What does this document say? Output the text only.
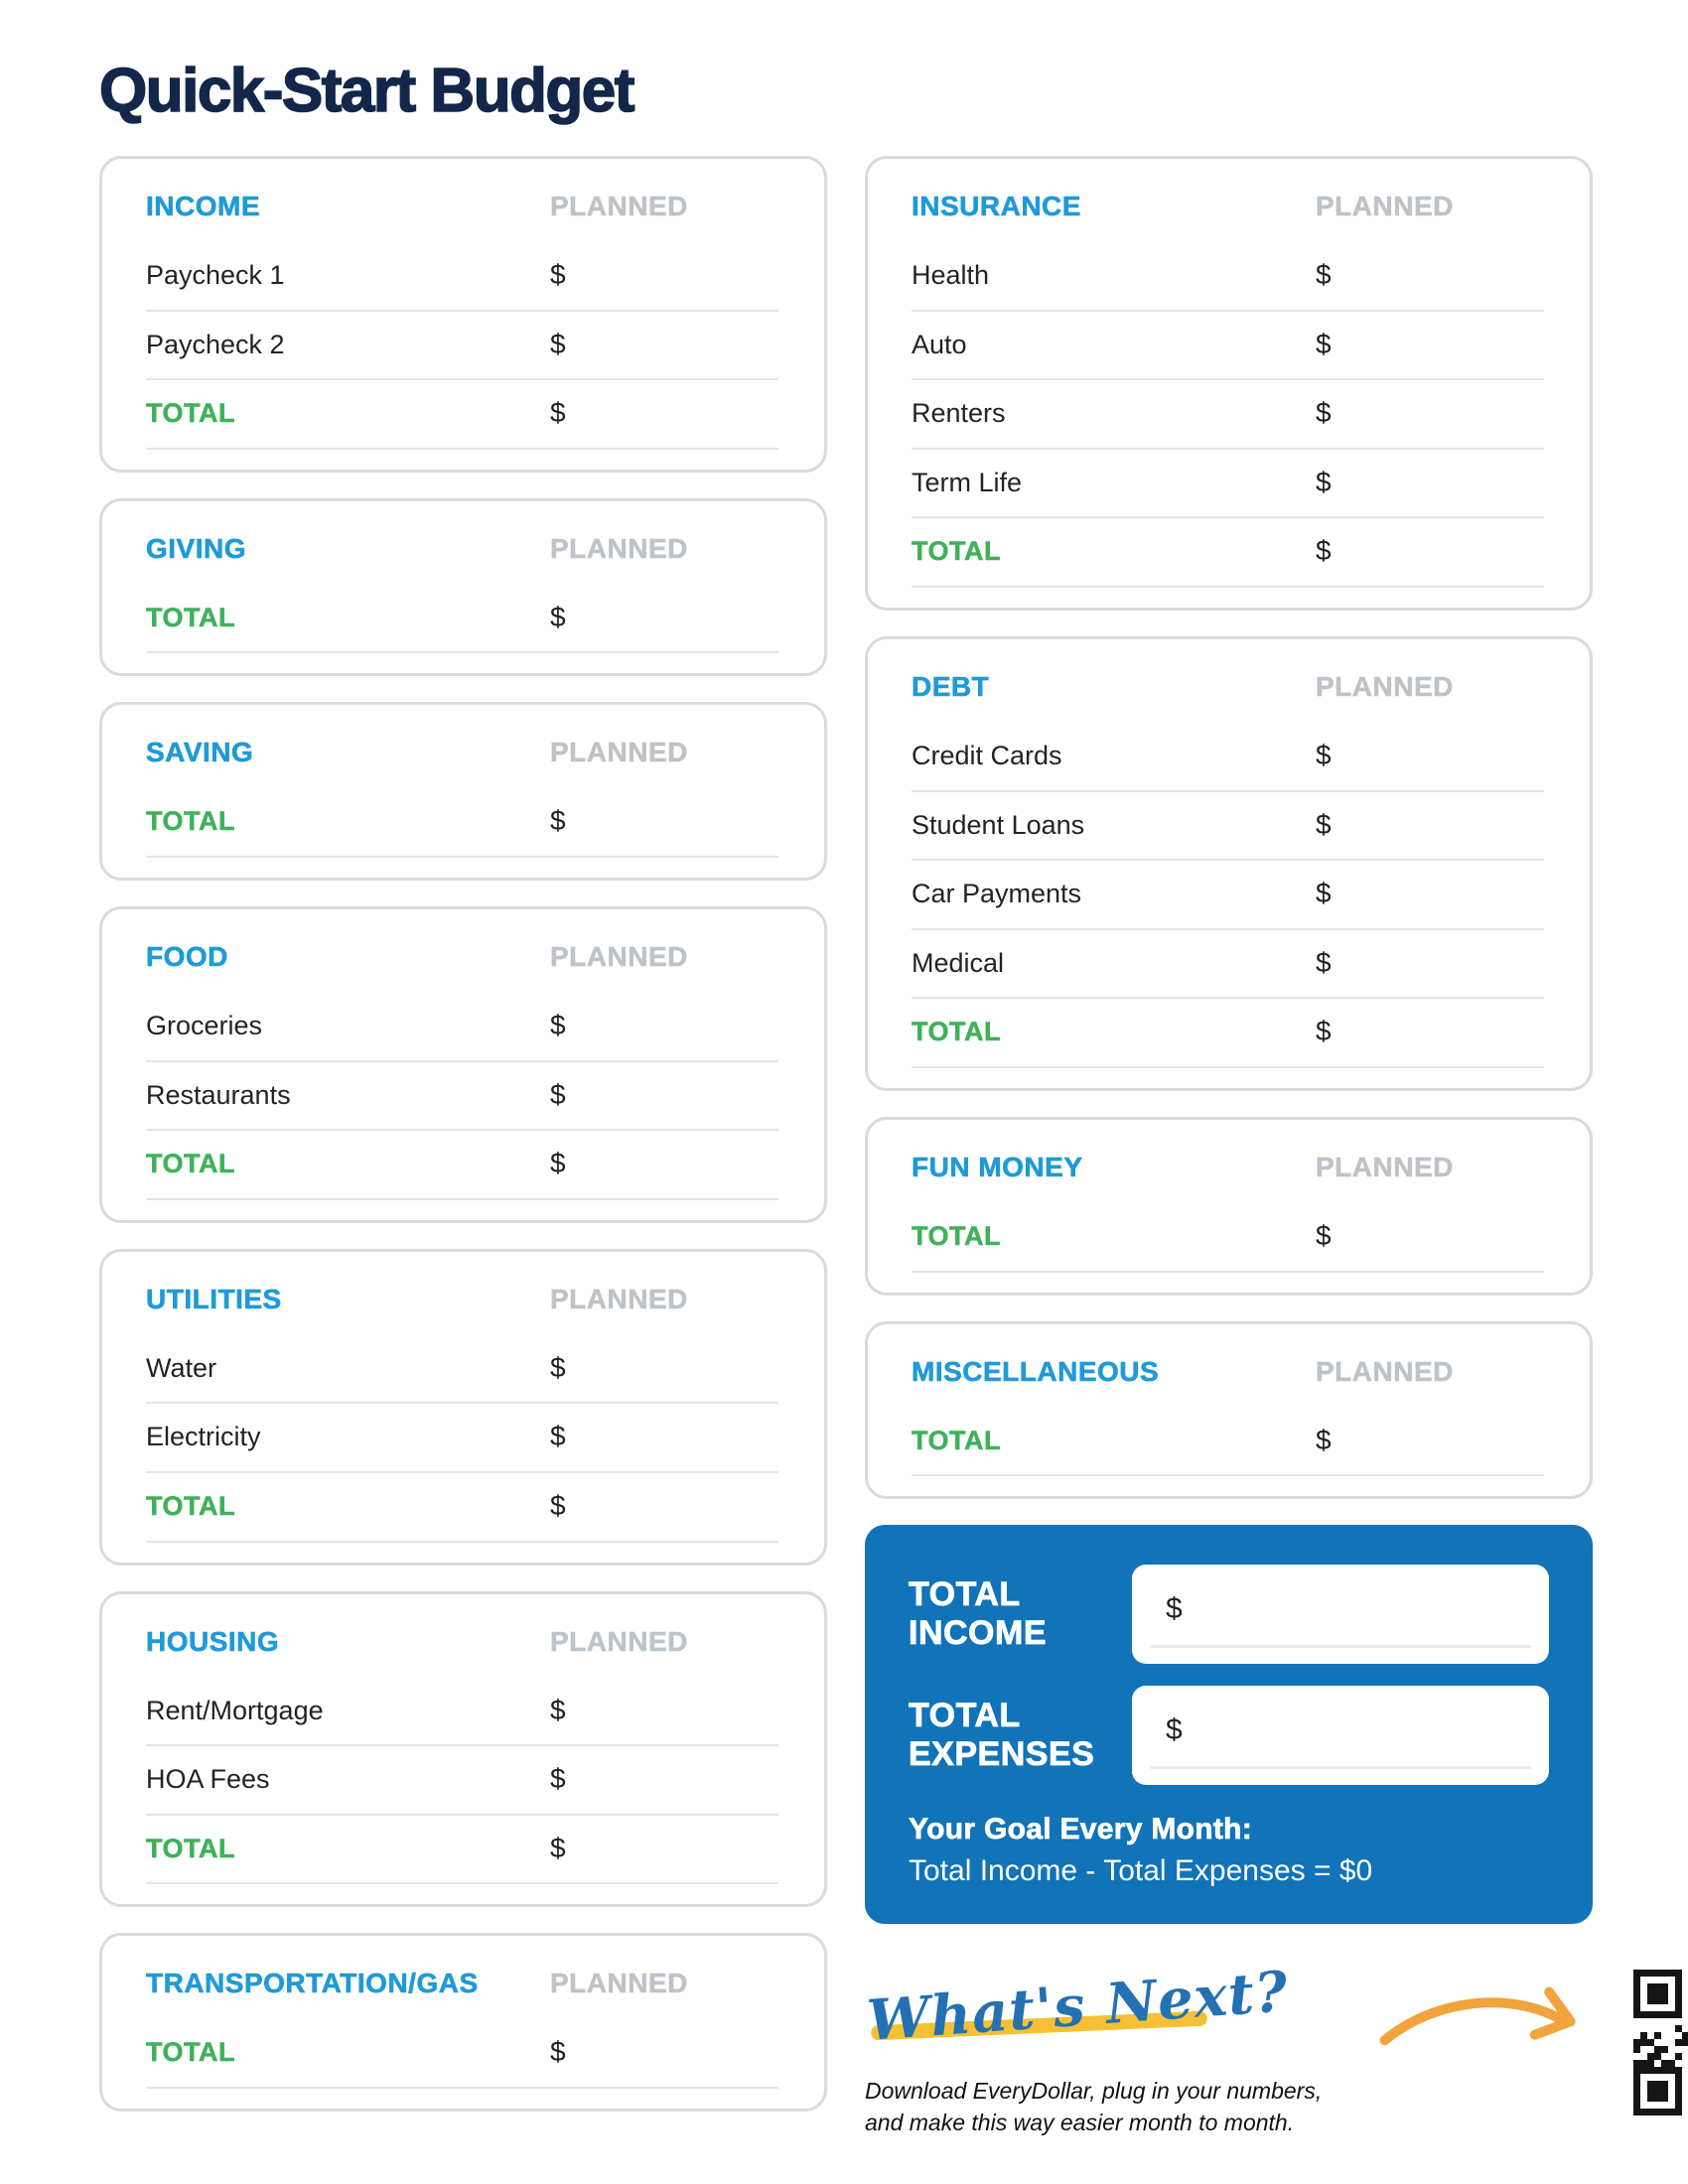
Quick-Start Budget
INCOME	PLANNED
Paycheck 1	$
Paycheck 2	$
TOTAL	$
GIVING	PLANNED
TOTAL	$
SAVING	PLANNED
TOTAL	$
FOOD	PLANNED
Groceries	$
Restaurants	$
TOTAL	$
UTILITIES	PLANNED
Water	$
Electricity	$
TOTAL	$
HOUSING	PLANNED
Rent/Mortgage	$
HOA Fees	$
TOTAL	$
TRANSPORTATION/GAS	PLANNED
TOTAL	$
INSURANCE	PLANNED
Health	$
Auto	$
Renters	$
Term Life	$
TOTAL	$
DEBT	PLANNED
Credit Cards	$
Student Loans	$
Car Payments	$
Medical	$
TOTAL	$
FUN MONEY	PLANNED
TOTAL	$
MISCELLANEOUS	PLANNED
TOTAL	$
TOTAL INCOME
$
TOTAL EXPENSES
$
Your Goal Every Month:
Total Income - Total Expenses = $0
What's Next?
Download EveryDollar, plug in your numbers,
and make this way easier month to month.
